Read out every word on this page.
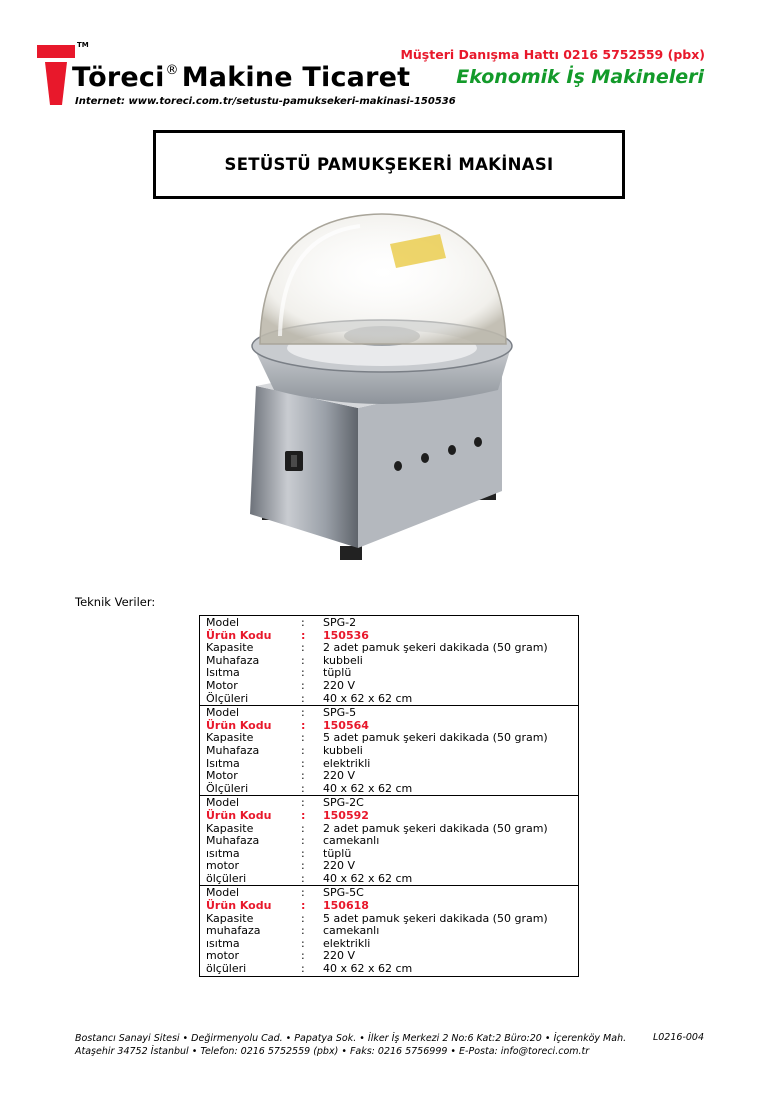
TM
Töreci® Makine Ticaret
Internet: www.toreci.com.tr/setustu-pamuksekeri-makinasi-150536
Müşteri Danışma Hattı 0216 5752559 (pbx)
Ekonomik İş Makineleri
SETÜSTÜ PAMUKŞEKERİ MAKİNASI
Teknik Veriler:
Model	: SPG-2
Ürün Kodu	: 150536
Kapasite	: 2 adet pamuk şekeri dakikada (50 gram)
Muhafaza	: kubbeli
Isıtma	: tüplü
Motor	: 220 V
Ölçüleri	: 40 x 62 x 62 cm
Model	: SPG-5
Ürün Kodu	: 150564
Kapasite	: 5 adet pamuk şekeri dakikada (50 gram)
Muhafaza	: kubbeli
Isıtma	: elektrikli
Motor	: 220 V
Ölçüleri	: 40 x 62 x 62 cm
Model	: SPG-2C
Ürün Kodu	: 150592
Kapasite	: 2 adet pamuk şekeri dakikada (50 gram)
Muhafaza	: camekanlı
ısıtma	: tüplü
motor	: 220 V
ölçüleri	: 40 x 62 x 62 cm
Model	: SPG-5C
Ürün Kodu	: 150618
Kapasite	: 5 adet pamuk şekeri dakikada (50 gram)
muhafaza	: camekanlı
ısıtma	: elektrikli
motor	: 220 V
ölçüleri	: 40 x 62 x 62 cm
Bostancı Sanayi Sitesi • Değirmenyolu Cad. • Papatya Sok. • İlker İş Merkezi 2 No:6 Kat:2 Büro:20 • İçerenköy Mah.
Ataşehir 34752 İstanbul • Telefon: 0216 5752559 (pbx) • Faks: 0216 5756999 • E-Posta: info@toreci.com.tr
L0216-004
